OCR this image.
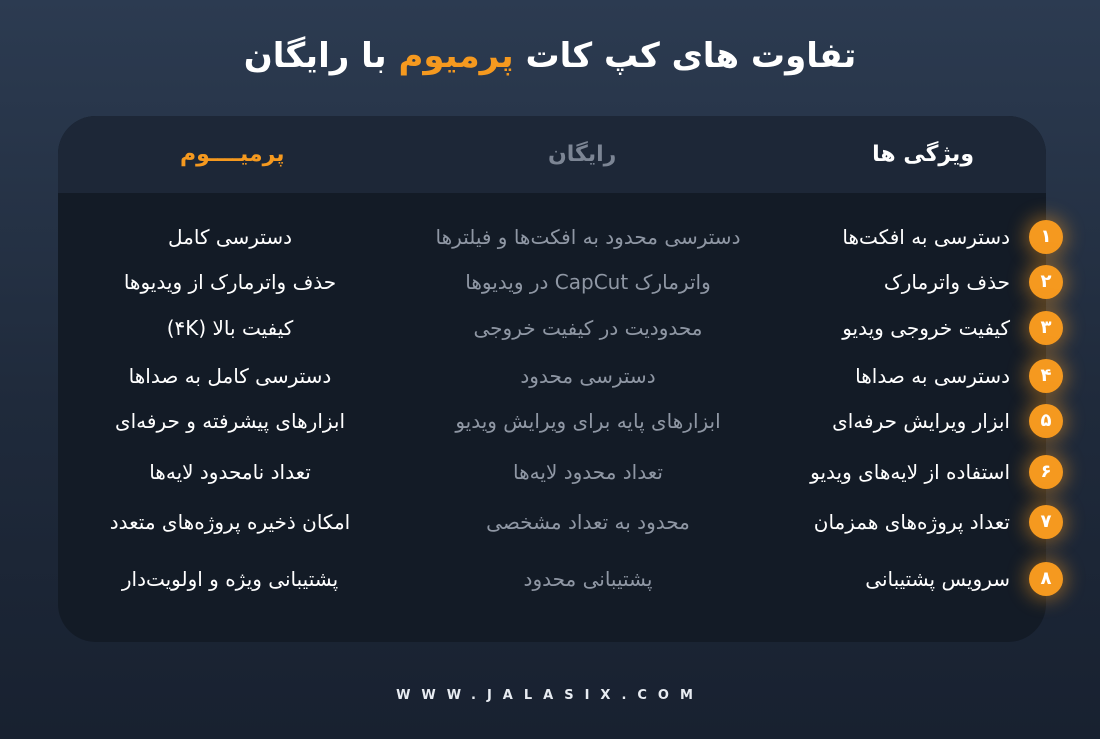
تفاوت های کپ کات پرمیوم با رایگان
ویژگی ها
رایگان
پرمیــــوم
۱
دسترسی به افکت‌ها
دسترسی محدود به افکت‌ها و فیلترها
دسترسی کامل
۲
حذف واترمارک
واترمارک CapCut در ویدیوها
حذف واترمارک از ویدیوها
۳
کیفیت خروجی ویدیو
محدودیت در کیفیت خروجی
کیفیت بالا (۴K)
۴
دسترسی به صداها
دسترسی محدود
دسترسی کامل به صداها
۵
ابزار ویرایش حرفه‌ای
ابزارهای پایه برای ویرایش ویدیو
ابزارهای پیشرفته و حرفه‌ای
۶
استفاده از لایه‌های ویدیو
تعداد محدود لایه‌ها
تعداد نامحدود لایه‌ها
۷
تعداد پروژه‌های همزمان
محدود به تعداد مشخصی
امکان ذخیره پروژه‌های متعدد
۸
سرویس پشتیبانی
پشتیبانی محدود
پشتیبانی ویژه و اولویت‌دار
WWW.JALASIX.COM
